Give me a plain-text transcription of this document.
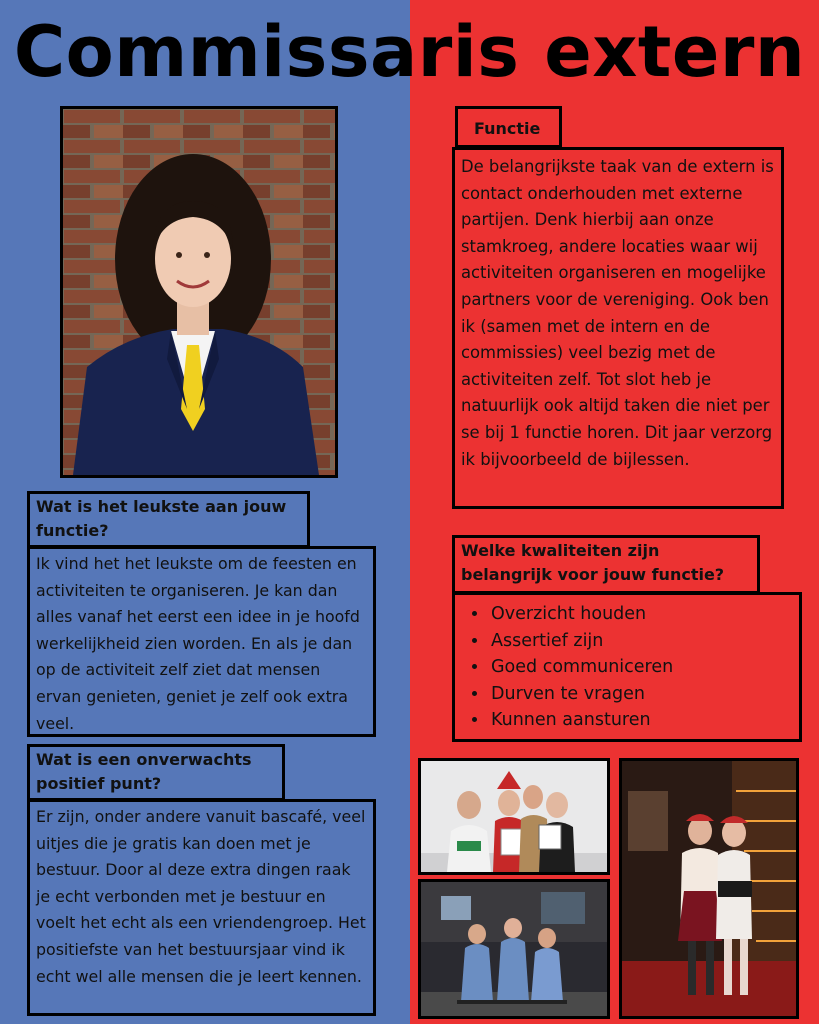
Commissaris extern
Wat is het leukste aan jouw functie?
Ik vind het het leukste om de feesten en activiteiten te organiseren. Je kan dan alles vanaf het eerst een idee in je hoofd werkelijkheid zien worden. En als je dan op de activiteit zelf ziet dat mensen ervan genieten, geniet je zelf ook extra veel.
Wat is een onverwachts positief punt?
Er zijn, onder andere vanuit bascafé, veel uitjes die je gratis kan doen met je bestuur. Door al deze extra dingen raak je echt verbonden met je bestuur en voelt het echt als een vriendengroep. Het positiefste van het bestuursjaar vind ik echt wel alle mensen die je leert kennen.
Functie
De belangrijkste taak van de extern is contact onderhouden met externe partijen. Denk hierbij aan onze stamkroeg, andere locaties waar wij activiteiten organiseren en mogelijke partners voor de vereniging. Ook ben ik (samen met de intern en de commissies) veel bezig met de activiteiten zelf. Tot slot heb je natuurlijk ook altijd taken die niet per se bij 1 functie horen. Dit jaar verzorg ik bijvoorbeeld de bijlessen.
Welke kwaliteiten zijn belangrijk voor jouw functie?
• Overzicht houden
• Assertief zijn
• Goed communiceren
• Durven te vragen
• Kunnen aansturen
